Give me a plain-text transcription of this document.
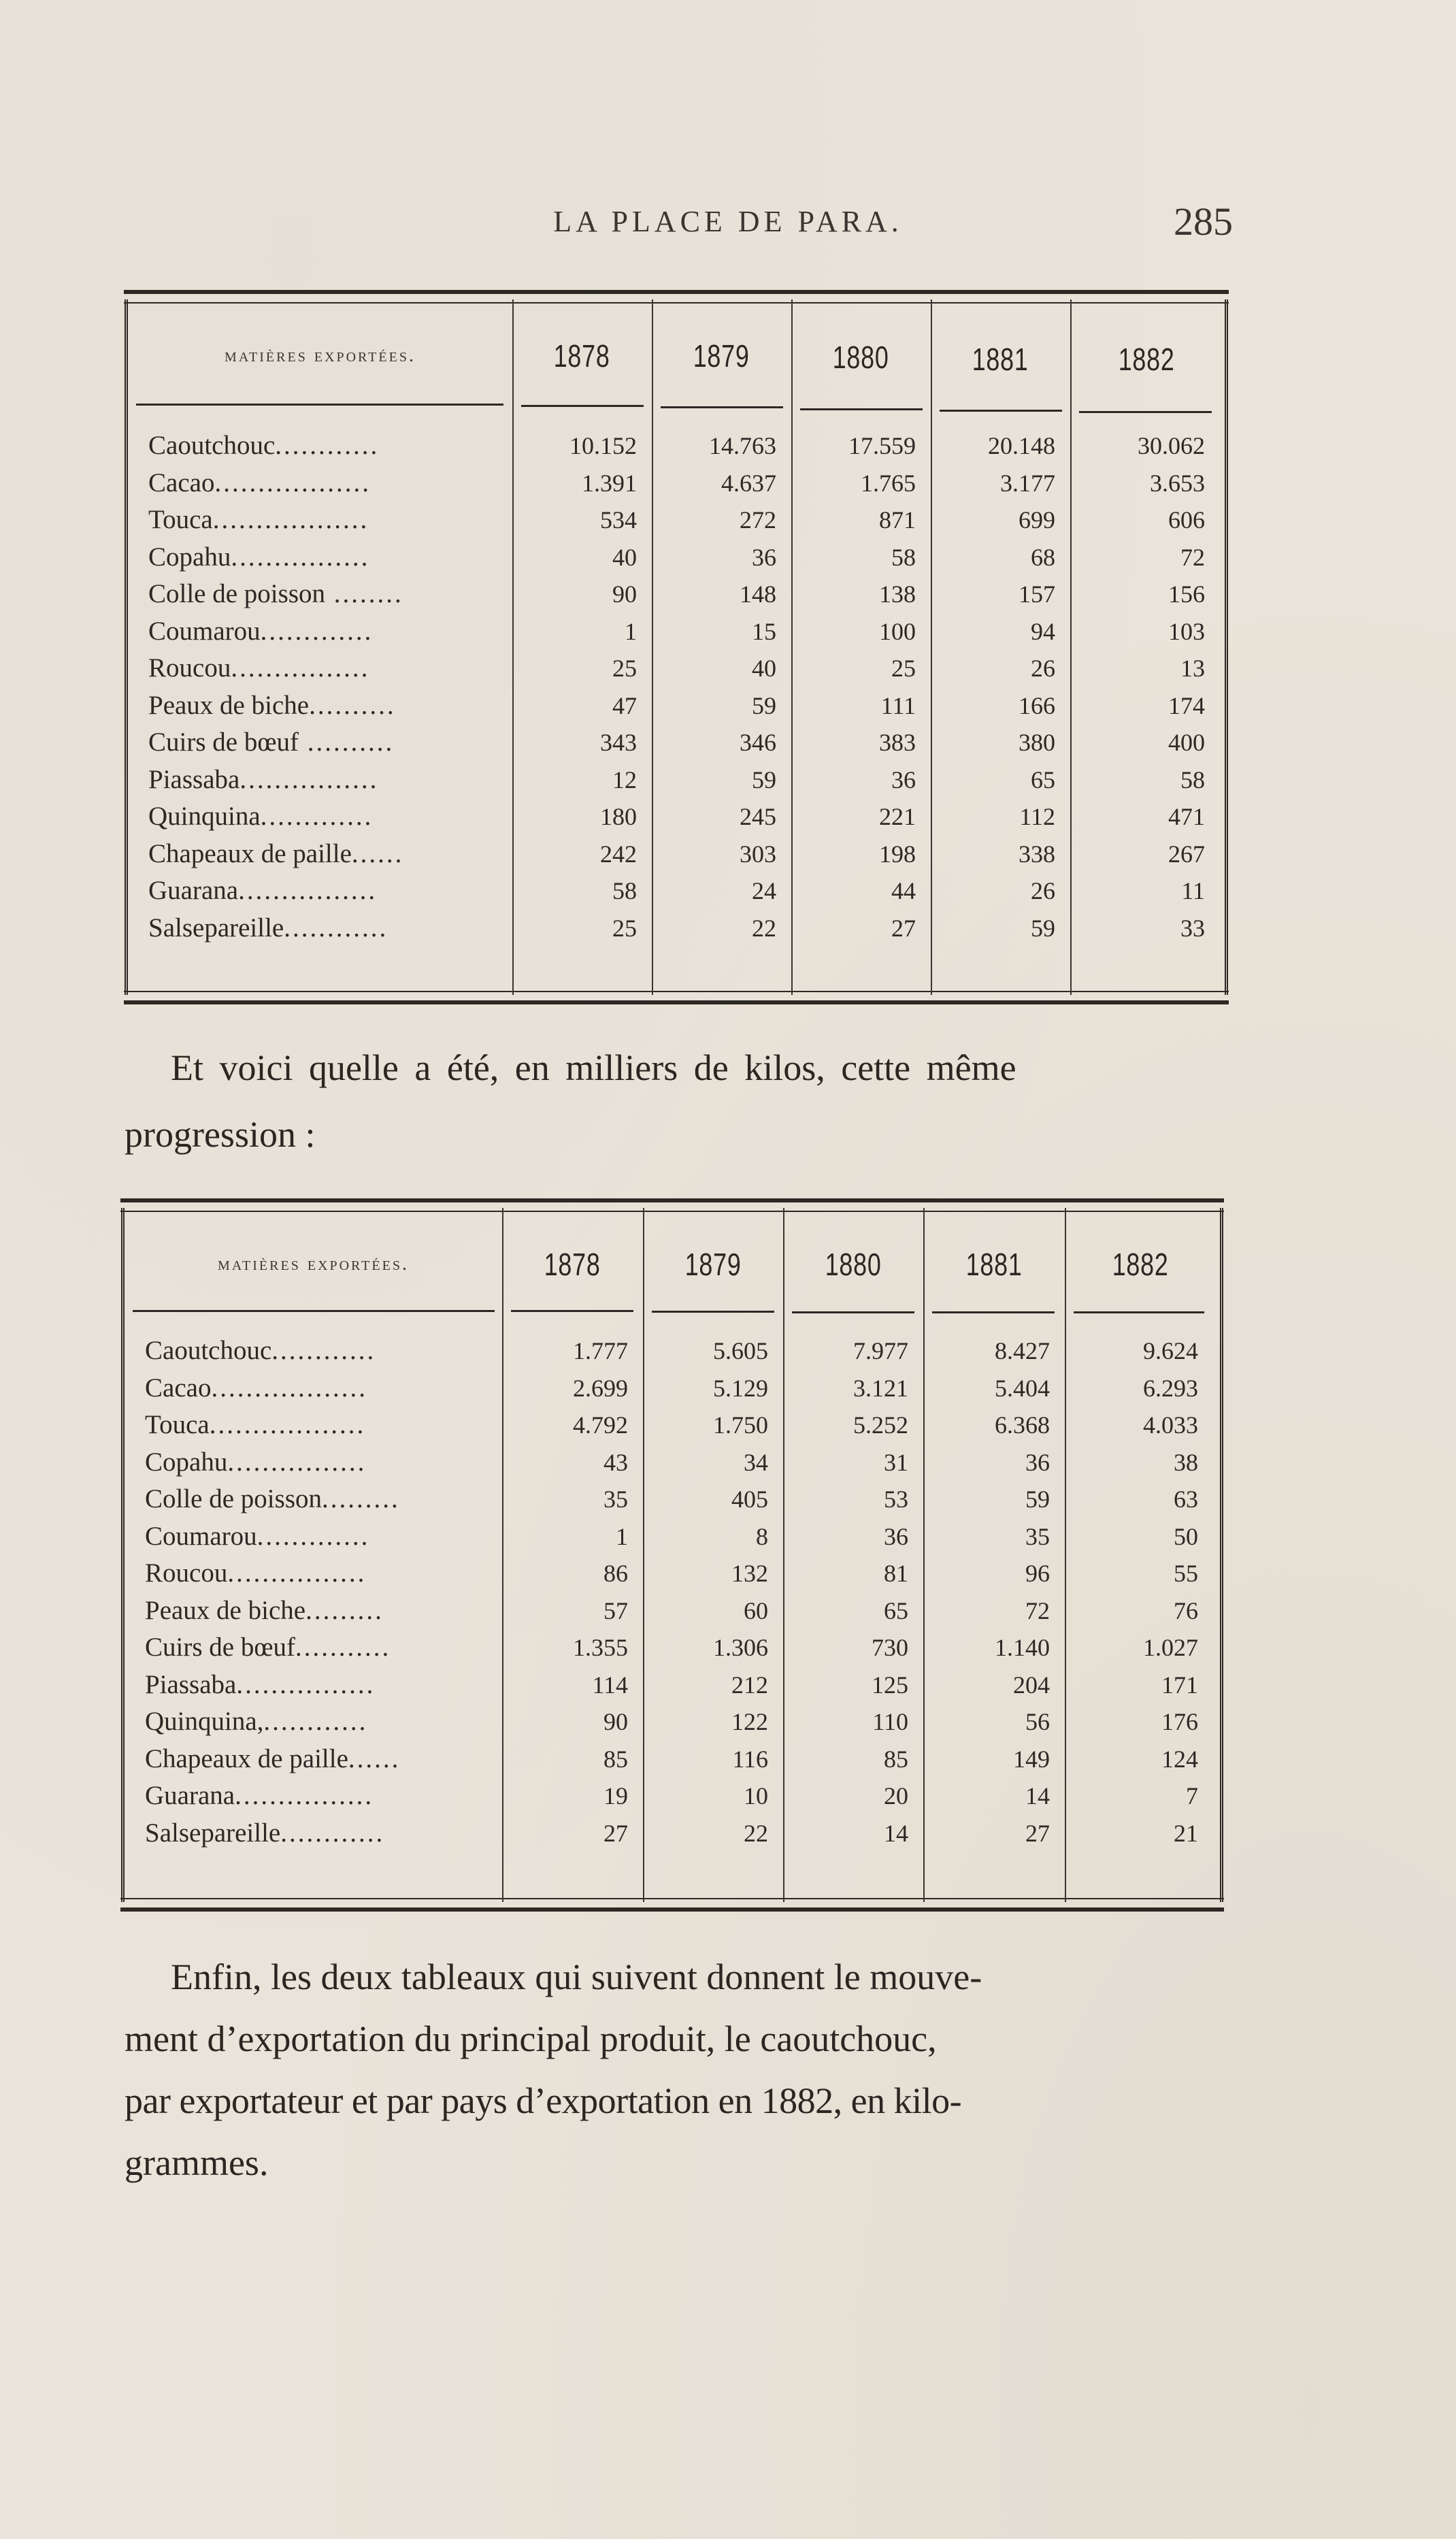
LA PLACE DE PARA.	285
matières exportées.	1878	1879	1880	1881	1882
Caoutchouc............	10.152	14.763	17.559	20.148	30.062
Cacao..................	1.391	4.637	1.765	3.177	3.653
Touca..................	534	272	871	699	606
Copahu................	40	36	58	68	72
Colle de poisson ........	90	148	138	157	156
Coumarou.............	1	15	100	94	103
Roucou................	25	40	25	26	13
Peaux de biche..........	47	59	111	166	174
Cuirs de bœuf ..........	343	346	383	380	400
Piassaba................	12	59	36	65	58
Quinquina.............	180	245	221	112	471
Chapeaux de paille......	242	303	198	338	267
Guarana................	58	24	44	26	11
Salsepareille............	25	22	27	59	33
Et voici quelle a été, en milliers de kilos, cette même
progression :
matières exportées.	1878	1879	1880	1881	1882
Caoutchouc............	1.777	5.605	7.977	8.427	9.624
Cacao..................	2.699	5.129	3.121	5.404	6.293
Touca..................	4.792	1.750	5.252	6.368	4.033
Copahu................	43	34	31	36	38
Colle de poisson.........	35	405	53	59	63
Coumarou.............	1	8	36	35	50
Roucou................	86	132	81	96	55
Peaux de biche.........	57	60	65	72	76
Cuirs de bœuf...........	1.355	1.306	730	1.140	1.027
Piassaba................	114	212	125	204	171
Quinquina,............	90	122	110	56	176
Chapeaux de paille......	85	116	85	149	124
Guarana................	19	10	20	14	7
Salsepareille............	27	22	14	27	21
Enfin, les deux tableaux qui suivent donnent le mouve-
ment d’exportation du principal produit, le caoutchouc,
par exportateur et par pays d’exportation en 1882, en kilo-
grammes.
